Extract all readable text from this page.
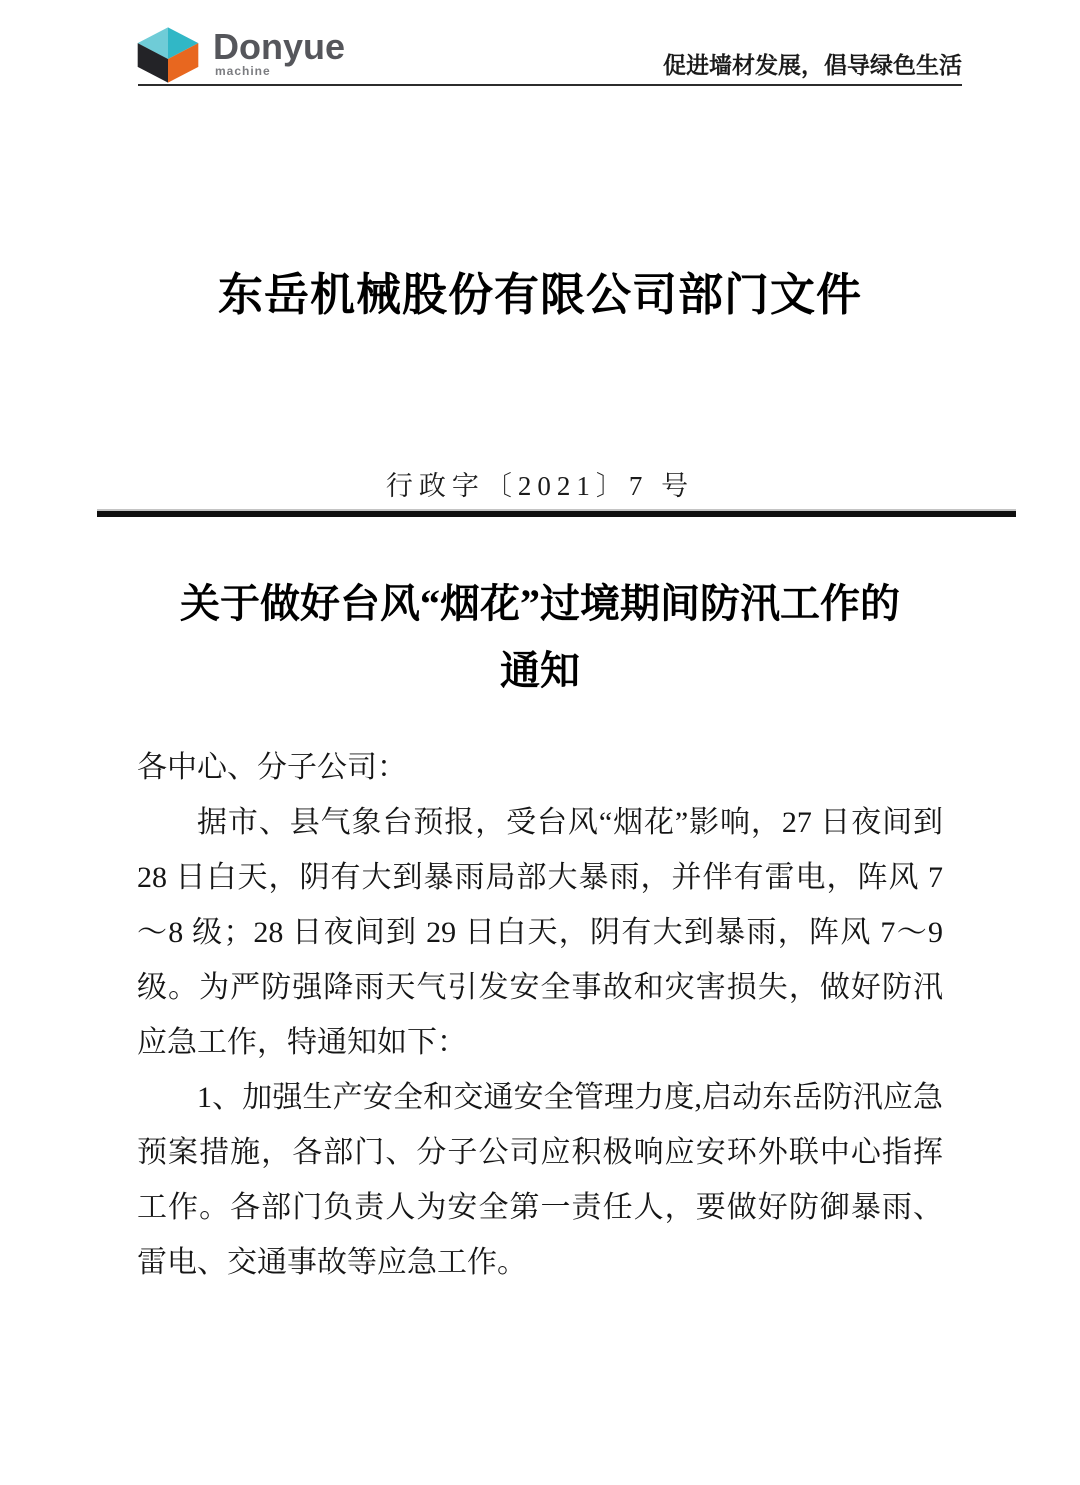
Donyue
machine	促进墙材发展，倡导绿色生活
东岳机械股份有限公司部门文件
行政字〔2021〕7 号
关于做好台风“烟花”过境期间防汛工作的
通知

各中心、分子公司：

据市、县气象台预报，受台风“烟花”影响，27 日夜间到 28 日白天，阴有大到暴雨局部大暴雨，并伴有雷电，阵风 7～8 级；28 日夜间到 29 日白天，阴有大到暴雨，阵风 7～9 级。为严防强降雨天气引发安全事故和灾害损失，做好防汛应急工作，特通知如下：

1、加强生产安全和交通安全管理力度,启动东岳防汛应急预案措施，各部门、分子公司应积极响应安环外联中心指挥工作。各部门负责人为安全第一责任人，要做好防御暴雨、雷电、交通事故等应急工作。
